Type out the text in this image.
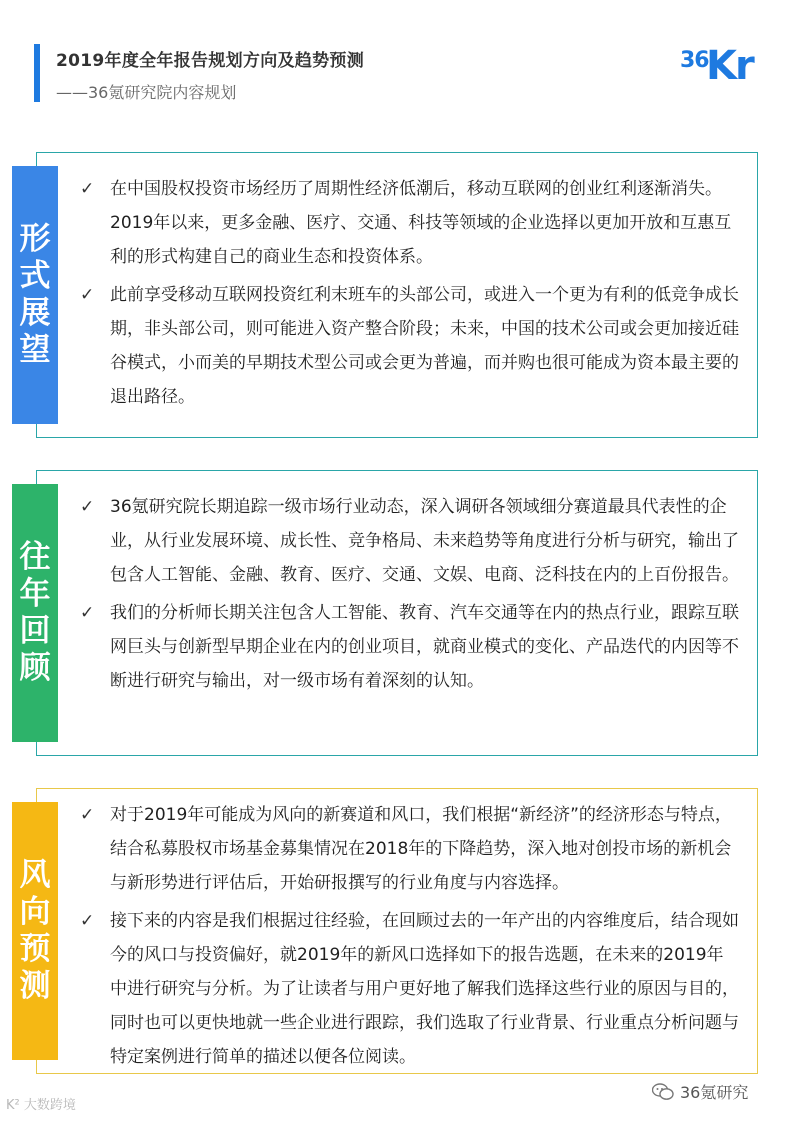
2019年度全年报告规划方向及趋势预测
——36氪研究院内容规划
36
Kr
形
式
展
望
✓ 在中国股权投资市场经历了周期性经济低潮后，移动互联网的创业红利逐渐消失。2019年以来，更多金融、医疗、交通、科技等领域的企业选择以更加开放和互惠互利的形式构建自己的商业生态和投资体系。
✓ 此前享受移动互联网投资红利末班车的头部公司，或进入一个更为有利的低竞争成长期，非头部公司，则可能进入资产整合阶段；未来，中国的技术公司或会更加接近硅谷模式，小而美的早期技术型公司或会更为普遍，而并购也很可能成为资本最主要的退出路径。
往
年
回
顾
✓ 36氪研究院长期追踪一级市场行业动态，深入调研各领域细分赛道最具代表性的企业，从行业发展环境、成长性、竞争格局、未来趋势等角度进行分析与研究，输出了包含人工智能、金融、教育、医疗、交通、文娱、电商、泛科技在内的上百份报告。
✓ 我们的分析师长期关注包含人工智能、教育、汽车交通等在内的热点行业，跟踪互联网巨头与创新型早期企业在内的创业项目，就商业模式的变化、产品迭代的内因等不断进行研究与输出，对一级市场有着深刻的认知。
风
向
预
测
✓ 对于2019年可能成为风向的新赛道和风口，我们根据“新经济”的经济形态与特点，结合私募股权市场基金募集情况在2018年的下降趋势，深入地对创投市场的新机会与新形势进行评估后，开始研报撰写的行业角度与内容选择。
✓ 接下来的内容是我们根据过往经验，在回顾过去的一年产出的内容维度后，结合现如今的风口与投资偏好，就2019年的新风口选择如下的报告选题，在未来的2019年中进行研究与分析。为了让读者与用户更好地了解我们选择这些行业的原因与目的，同时也可以更快地就一些企业进行跟踪，我们选取了行业背景、行业重点分析问题与特定案例进行简单的描述以便各位阅读。
K² 大数跨境
36氪研究
